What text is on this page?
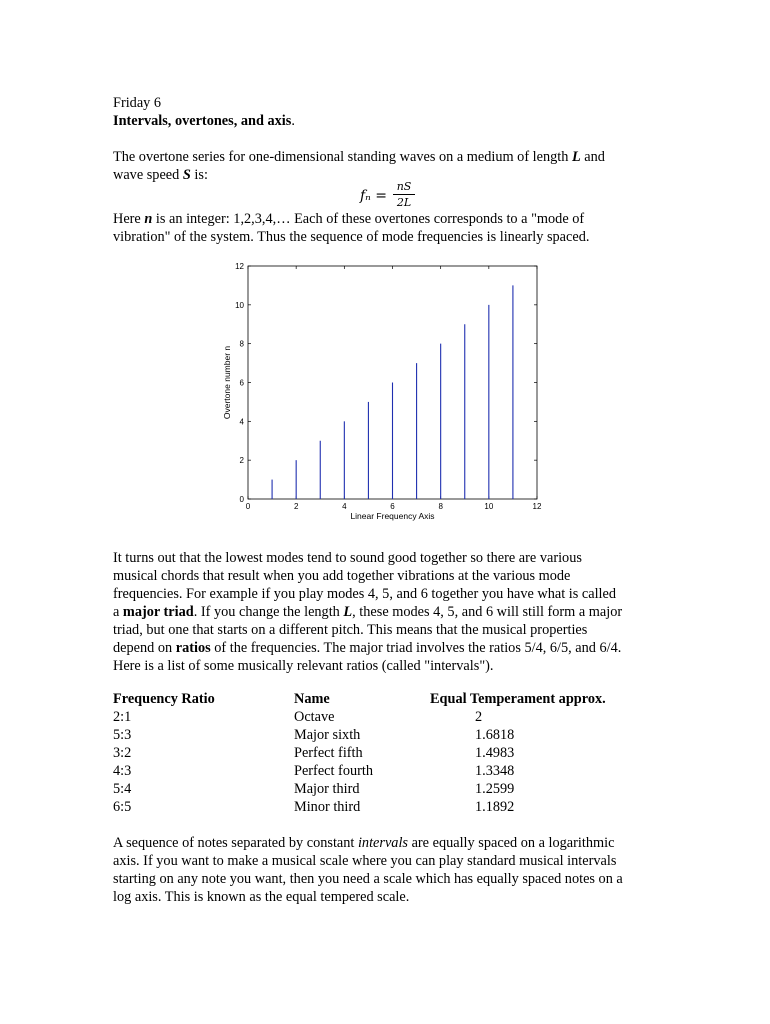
Friday 6
Intervals, overtones, and axis.
The overtone series for one-dimensional standing waves on a medium of length L and
wave speed S is:
fₙ =
nS
2L
Here n is an integer: 1,2,3,4,… Each of these overtones corresponds to a "mode of
vibration" of the system. Thus the sequence of mode frequencies is linearly spaced.
0	2	4	6	8	10	12
0
2
4
6
8
10
12
Linear Frequency Axis
Overtone number n
It turns out that the lowest modes tend to sound good together so there are various
musical chords that result when you add together vibrations at the various mode
frequencies. For example if you play modes 4, 5, and 6 together you have what is called
a major triad. If you change the length L, these modes 4, 5, and 6 will still form a major
triad, but one that starts on a different pitch. This means that the musical properties
depend on ratios of the frequencies. The major triad involves the ratios 5/4, 6/5, and 6/4.
Here is a list of some musically relevant ratios (called "intervals").
Frequency Ratio	Name	Equal Temperament approx.
2:1	Octave	2
5:3	Major sixth	1.6818
3:2	Perfect fifth	1.4983
4:3	Perfect fourth	1.3348
5:4	Major third	1.2599
6:5	Minor third	1.1892
A sequence of notes separated by constant intervals are equally spaced on a logarithmic
axis. If you want to make a musical scale where you can play standard musical intervals
starting on any note you want, then you need a scale which has equally spaced notes on a
log axis. This is known as the equal tempered scale.
